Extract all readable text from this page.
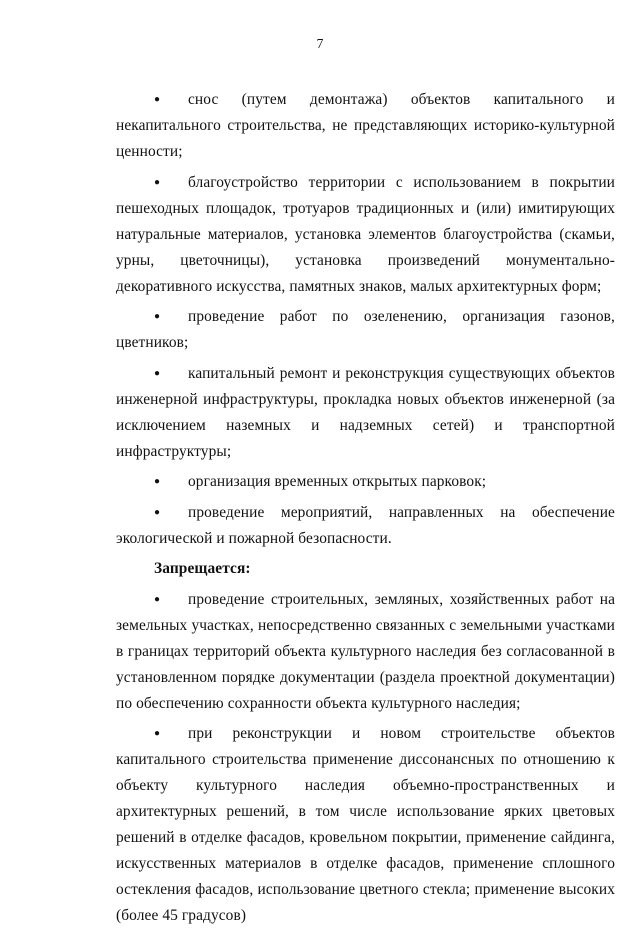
7
● снос (путем демонтажа) объектов капитального и некапитального строительства, не представляющих историко-культурной ценности;
● благоустройство территории с использованием в покрытии пешеходных площадок, тротуаров традиционных и (или) имитирующих натуральные материалов, установка элементов благоустройства (скамьи, урны, цветочницы), установка произведений монументально-декоративного искусства, памятных знаков, малых архитектурных форм;
● проведение работ по озеленению, организация газонов, цветников;
● капитальный ремонт и реконструкция существующих объектов инженерной инфраструктуры, прокладка новых объектов инженерной (за исключением наземных и надземных сетей) и транспортной инфраструктуры;
● организация временных открытых парковок;
● проведение мероприятий, направленных на обеспечение экологической и пожарной безопасности.
Запрещается:
● проведение строительных, земляных, хозяйственных работ на земельных участках, непосредственно связанных с земельными участками в границах территорий объекта культурного наследия без согласованной в установленном порядке документации (раздела проектной документации) по обеспечению сохранности объекта культурного наследия;
● при реконструкции и новом строительстве объектов капитального строительства применение диссонансных по отношению к объекту культурного наследия объемно-пространственных и архитектурных решений, в том числе использование ярких цветовых решений в отделке фасадов, кровельном покрытии, применение сайдинга, искусственных материалов в отделке фасадов, применение сплошного остекления фасадов, использование цветного стекла; применение высоких (более 45 градусов)
